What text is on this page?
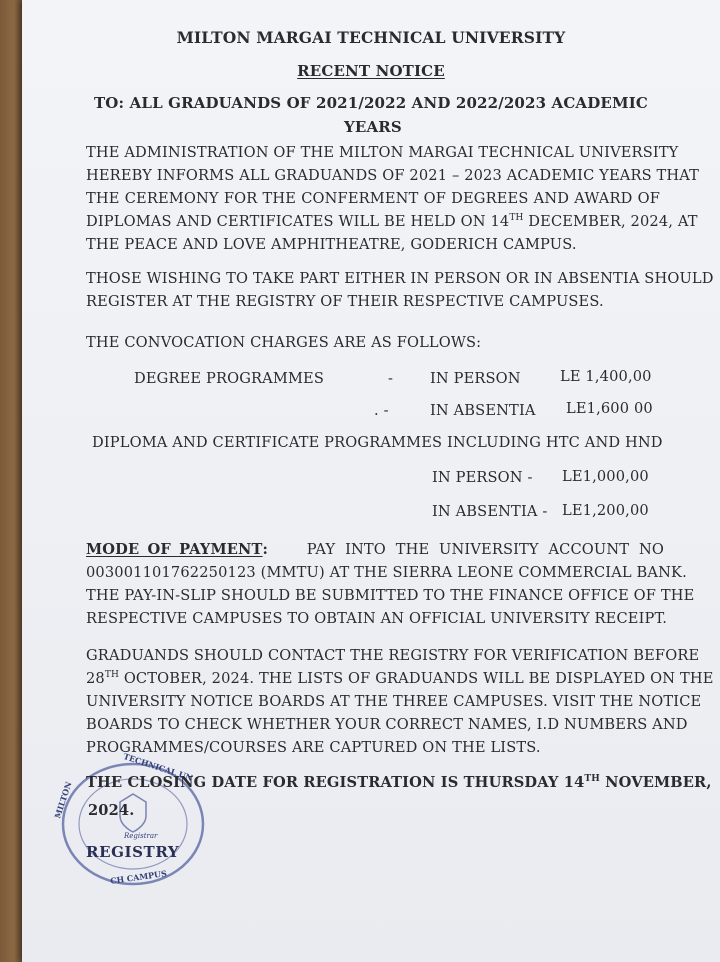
MILTON MARGAI TECHNICAL UNIVERSITY
RECENT NOTICE
TO: ALL GRADUANDS OF 2021/2022 AND 2022/2023 ACADEMIC
YEARS
THE ADMINISTRATION OF THE MILTON MARGAI TECHNICAL UNIVERSITY
HEREBY INFORMS ALL GRADUANDS OF 2021 – 2023 ACADEMIC YEARS THAT
THE CEREMONY FOR THE CONFERMENT OF DEGREES AND AWARD OF
DIPLOMAS AND CERTIFICATES WILL BE HELD ON 14TH DECEMBER, 2024, AT
THE PEACE AND LOVE AMPHITHEATRE, GODERICH CAMPUS.
THOSE WISHING TO TAKE PART EITHER IN PERSON OR IN ABSENTIA SHOULD
REGISTER AT THE REGISTRY OF THEIR RESPECTIVE CAMPUSES.
THE CONVOCATION CHARGES ARE AS FOLLOWS:
DEGREE PROGRAMMES	-	IN PERSON	LE 1,400,00
. -	IN ABSENTIA LE1,600 00
DIPLOMA AND CERTIFICATE PROGRAMMES INCLUDING HTC AND HND
IN PERSON - LE1,000,00
IN ABSENTIA - LE1,200,00
MODE OF PAYMENT:	PAY INTO THE UNIVERSITY ACCOUNT NO
003001101762250123 (MMTU) AT THE SIERRA LEONE COMMERCIAL BANK.
THE PAY-IN-SLIP SHOULD BE SUBMITTED TO THE FINANCE OFFICE OF THE
RESPECTIVE CAMPUSES TO OBTAIN AN OFFICIAL UNIVERSITY RECEIPT.
GRADUANDS SHOULD CONTACT THE REGISTRY FOR VERIFICATION BEFORE
28TH OCTOBER, 2024. THE LISTS OF GRADUANDS WILL BE DISPLAYED ON THE
UNIVERSITY NOTICE BOARDS AT THE THREE CAMPUSES. VISIT THE NOTICE
BOARDS TO CHECK WHETHER YOUR CORRECT NAMES, I.D NUMBERS AND
PROGRAMMES/COURSES ARE CAPTURED ON THE LISTS.
TECHNICAL UN
MILTON
CH CAMPUS
Registrar
REGISTRY
THE CLOSING DATE FOR REGISTRATION IS THURSDAY 14TH NOVEMBER,
2024.
